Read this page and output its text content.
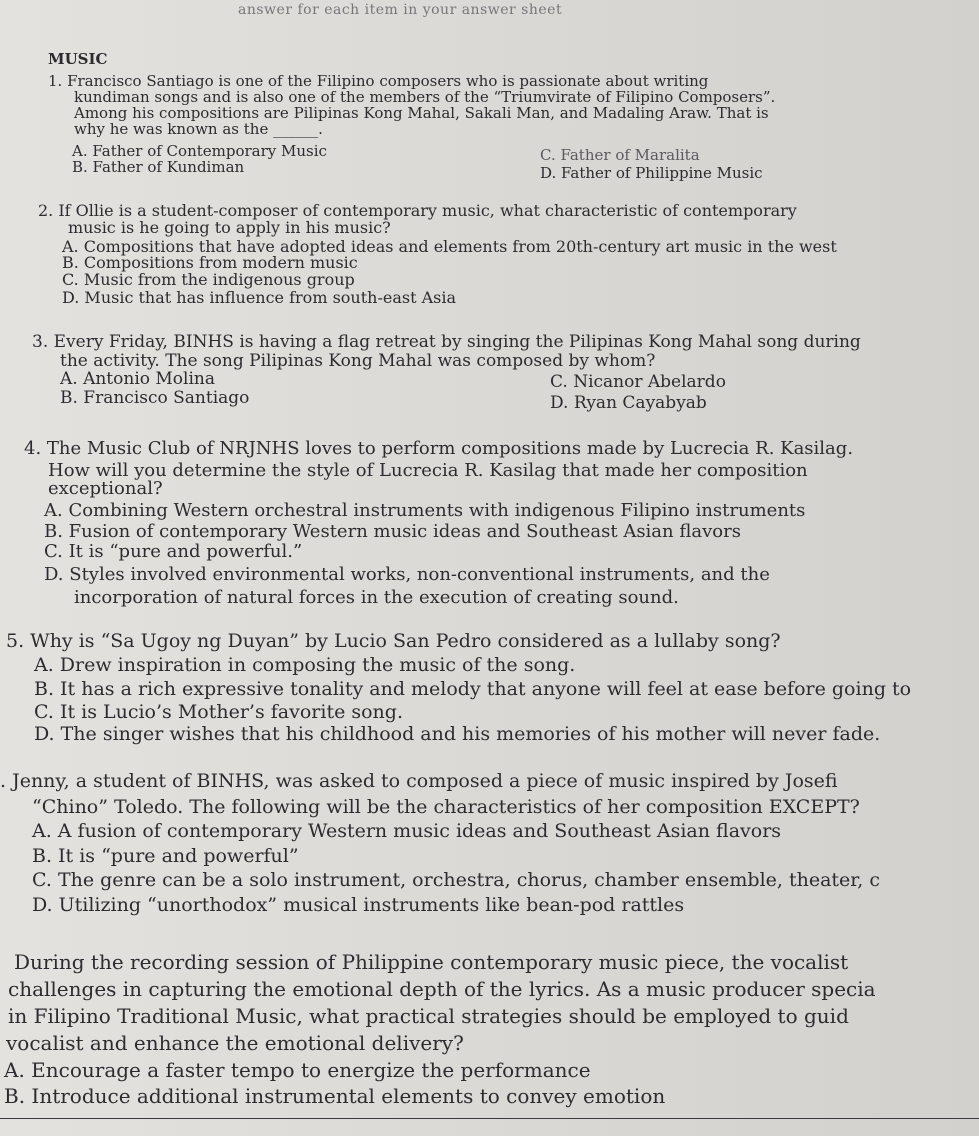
answer for each item in your answer sheet
MUSIC
1. Francisco Santiago is one of the Filipino composers who is passionate about writing
kundiman songs and is also one of the members of the “Triumvirate of Filipino Composers”.
Among his compositions are Pilipinas Kong Mahal, Sakali Man, and Madaling Araw. That is
why he was known as the ______.
A. Father of Contemporary Music	C. Father of Maralita
B. Father of Kundiman	D. Father of Philippine Music
2. If Ollie is a student-composer of contemporary music, what characteristic of contemporary
music is he going to apply in his music?
A. Compositions that have adopted ideas and elements from 20th-century art music in the west
B. Compositions from modern music
C. Music from the indigenous group
D. Music that has influence from south-east Asia
3. Every Friday, BINHS is having a flag retreat by singing the Pilipinas Kong Mahal song during
the activity. The song Pilipinas Kong Mahal was composed by whom?
A. Antonio Molina	C. Nicanor Abelardo
B. Francisco Santiago	D. Ryan Cayabyab
4. The Music Club of NRJNHS loves to perform compositions made by Lucrecia R. Kasilag.
How will you determine the style of Lucrecia R. Kasilag that made her composition
exceptional?
A. Combining Western orchestral instruments with indigenous Filipino instruments
B. Fusion of contemporary Western music ideas and Southeast Asian flavors
C. It is “pure and powerful.”
D. Styles involved environmental works, non-conventional instruments, and the
incorporation of natural forces in the execution of creating sound.
5. Why is “Sa Ugoy ng Duyan” by Lucio San Pedro considered as a lullaby song?
A. Drew inspiration in composing the music of the song.
B. It has a rich expressive tonality and melody that anyone will feel at ease before going to
C. It is Lucio’s Mother’s favorite song.
D. The singer wishes that his childhood and his memories of his mother will never fade.
. Jenny, a student of BINHS, was asked to composed a piece of music inspired by Josefi
“Chino” Toledo. The following will be the characteristics of her composition EXCEPT?
A. A fusion of contemporary Western music ideas and Southeast Asian flavors
B. It is “pure and powerful”
C. The genre can be a solo instrument, orchestra, chorus, chamber ensemble, theater, c
D. Utilizing “unorthodox” musical instruments like bean-pod rattles
During the recording session of Philippine contemporary music piece, the vocalist
challenges in capturing the emotional depth of the lyrics. As a music producer specia
in Filipino Traditional Music, what practical strategies should be employed to guid
vocalist and enhance the emotional delivery?
A. Encourage a faster tempo to energize the performance
B. Introduce additional instrumental elements to convey emotion
